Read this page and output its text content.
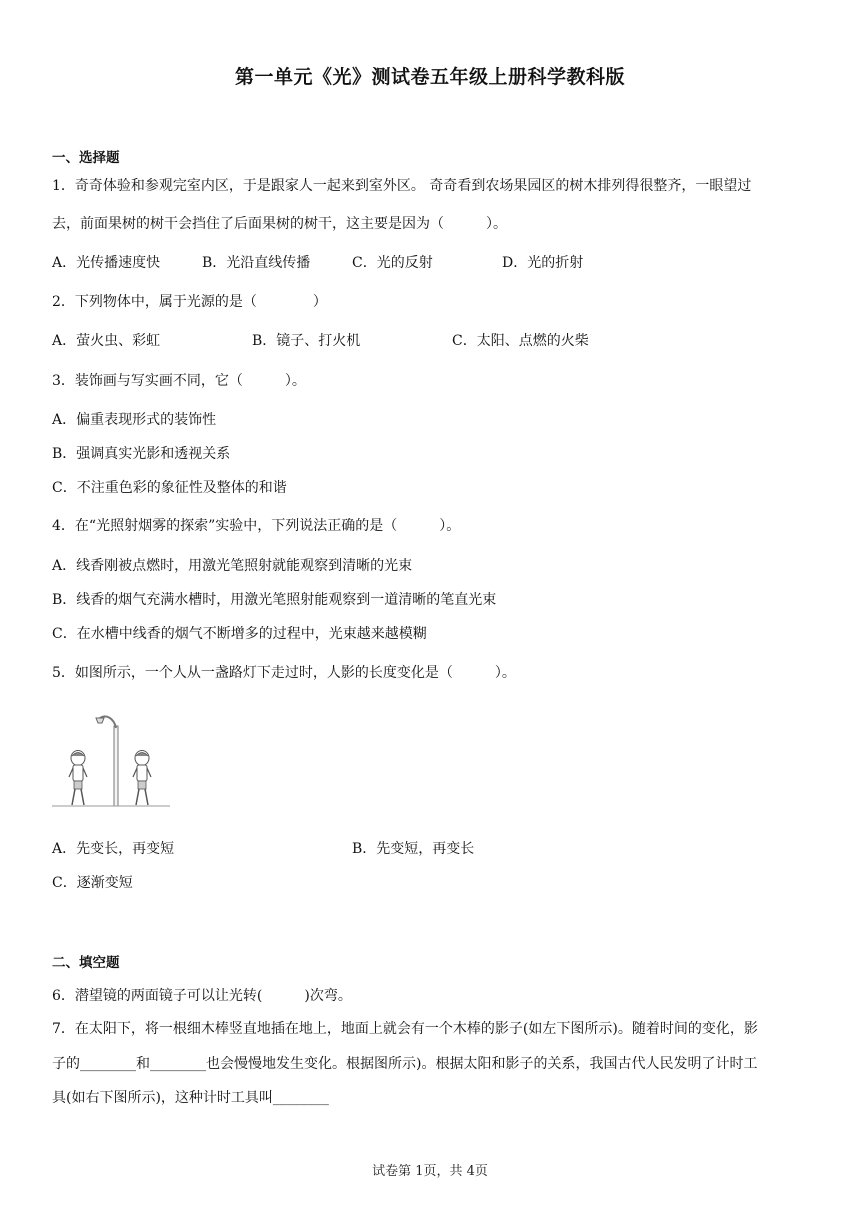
第一单元《光》测试卷五年级上册科学教科版
一、选择题
1．奇奇体验和参观完室内区，于是跟家人一起来到室外区。 奇奇看到农场果园区的树木排列得很整齐，一眼望过
去，前面果树的树干会挡住了后面果树的树干，这主要是因为（　　　）。
A．光传播速度快	B．光沿直线传播	C．光的反射	D．光的折射
2．下列物体中，属于光源的是（　　　　）
A．萤火虫、彩虹	B．镜子、打火机	C．太阳、点燃的火柴
3．装饰画与写实画不同，它（　　　）。
A．偏重表现形式的装饰性
B．强调真实光影和透视关系
C．不注重色彩的象征性及整体的和谐
4．在“光照射烟雾的探索”实验中，下列说法正确的是（　　　）。
A．线香刚被点燃时，用激光笔照射就能观察到清晰的光束
B．线香的烟气充满水槽时，用激光笔照射能观察到一道清晰的笔直光束
C．在水槽中线香的烟气不断增多的过程中，光束越来越模糊
5．如图所示，一个人从一盏路灯下走过时，人影的长度变化是（　　　）。
A．先变长，再变短	B．先变短，再变长
C．逐渐变短
二、填空题
6．潜望镜的两面镜子可以让光转(　　　)次弯。
7．在太阳下，将一根细木棒竖直地插在地上，地面上就会有一个木棒的影子(如左下图所示)。随着时间的变化，影
子的________和________也会慢慢地发生变化。根据图所示)。根据太阳和影子的关系，我国古代人民发明了计时工
具(如右下图所示)，这种计时工具叫________
试卷第 1页，共 4页
